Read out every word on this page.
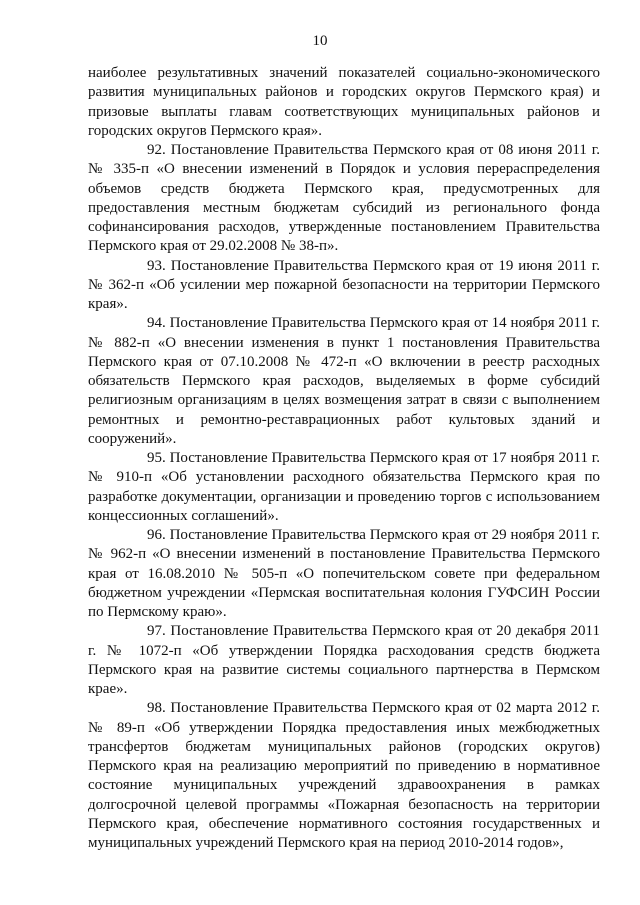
10

наиболее результативных значений показателей социально-экономического развития муниципальных районов и городских округов Пермского края) и призовые выплаты главам соответствующих муниципальных районов и городских округов Пермского края».

92. Постановление Правительства Пермского края от 08 июня 2011 г. № 335-п «О внесении изменений в Порядок и условия перераспределения объемов средств бюджета Пермского края, предусмотренных для предоставления местным бюджетам субсидий из регионального фонда софинансирования расходов, утвержденные постановлением Правительства Пермского края от 29.02.2008 № 38-п».

93. Постановление Правительства Пермского края от 19 июня 2011 г. № 362-п «Об усилении мер пожарной безопасности на территории Пермского края».

94. Постановление Правительства Пермского края от 14 ноября 2011 г. № 882-п «О внесении изменения в пункт 1 постановления Правительства Пермского края от 07.10.2008 № 472-п «О включении в реестр расходных обязательств Пермского края расходов, выделяемых в форме субсидий религиозным организациям в целях возмещения затрат в связи с выполнением ремонтных и ремонтно-реставрационных работ культовых зданий и сооружений».

95. Постановление Правительства Пермского края от 17 ноября 2011 г. № 910-п «Об установлении расходного обязательства Пермского края по разработке документации, организации и проведению торгов с использованием концессионных соглашений».

96. Постановление Правительства Пермского края от 29 ноября 2011 г. № 962-п «О внесении изменений в постановление Правительства Пермского края от 16.08.2010 № 505-п «О попечительском совете при федеральном бюджетном учреждении «Пермская воспитательная колония ГУФСИН России по Пермскому краю».

97. Постановление Правительства Пермского края от 20 декабря 2011 г. № 1072-п «Об утверждении Порядка расходования средств бюджета Пермского края на развитие системы социального партнерства в Пермском крае».

98. Постановление Правительства Пермского края от 02 марта 2012 г. № 89-п «Об утверждении Порядка предоставления иных межбюджетных трансфертов бюджетам муниципальных районов (городских округов) Пермского края на реализацию мероприятий по приведению в нормативное состояние муниципальных учреждений здравоохранения в рамках долгосрочной целевой программы «Пожарная безопасность на территории Пермского края, обеспечение нормативного состояния государственных и муниципальных учреждений Пермского края на период 2010-2014 годов»,
